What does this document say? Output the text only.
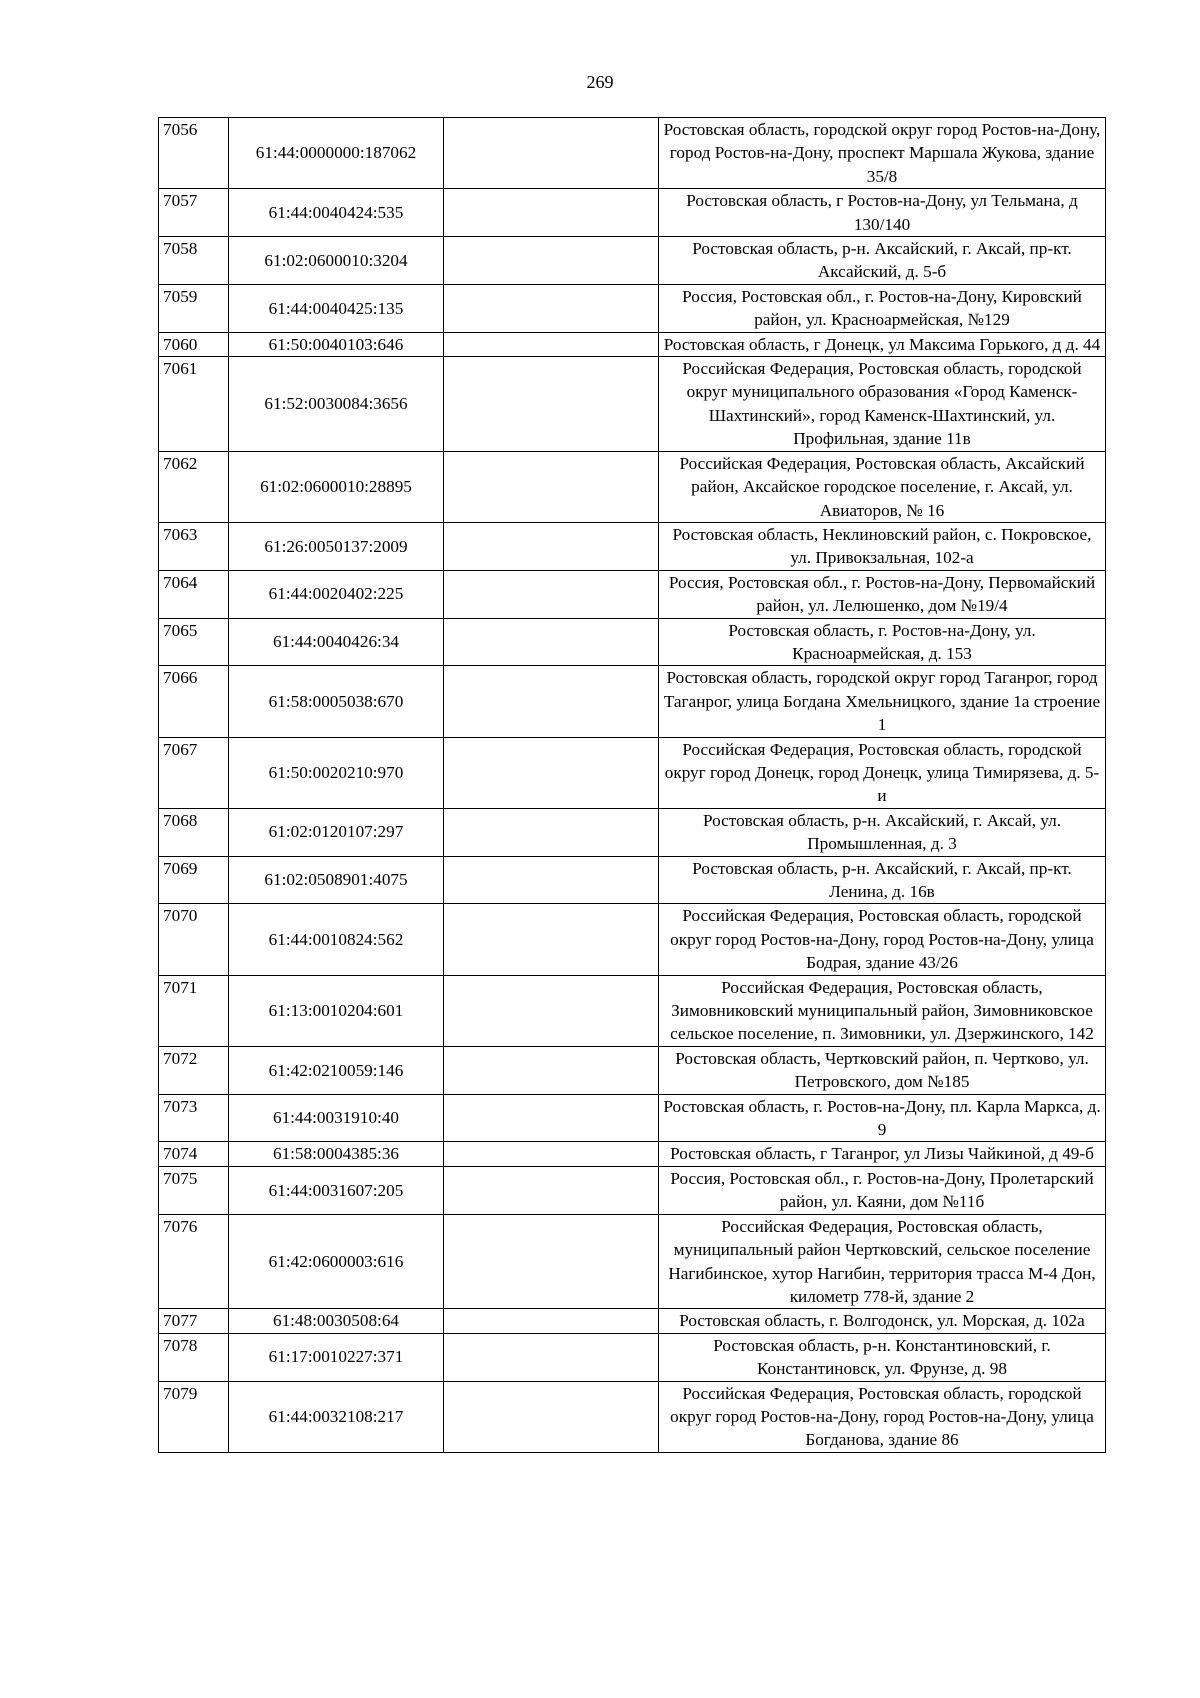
269
7056	61:44:0000000:187062		Ростовская область, городской округ город Ростов-на-Дону, город Ростов-на-Дону, проспект Маршала Жукова, здание 35/8
7057	61:44:0040424:535		Ростовская область, г Ростов-на-Дону, ул Тельмана, д 130/140
7058	61:02:0600010:3204		Ростовская область, р-н. Аксайский, г. Аксай, пр-кт. Аксайский, д. 5-б
7059	61:44:0040425:135		Россия, Ростовская обл., г. Ростов-на-Дону, Кировский район, ул. Красноармейская, №129
7060	61:50:0040103:646		Ростовская область, г Донецк, ул Максима Горького, д д. 44
7061	61:52:0030084:3656		Российская Федерация, Ростовская область, городской округ муниципального образования «Город Каменск-Шахтинский», город Каменск-Шахтинский, ул. Профильная, здание 11в
7062	61:02:0600010:28895		Российская Федерация, Ростовская область, Аксайский район, Аксайское городское поселение, г. Аксай, ул. Авиаторов, № 16
7063	61:26:0050137:2009		Ростовская область, Неклиновский район, с. Покровское, ул. Привокзальная, 102-а
7064	61:44:0020402:225		Россия, Ростовская обл., г. Ростов-на-Дону, Первомайский район, ул. Лелюшенко, дом №19/4
7065	61:44:0040426:34		Ростовская область, г. Ростов-на-Дону, ул. Красноармейская, д. 153
7066	61:58:0005038:670		Ростовская область, городской округ город Таганрог, город Таганрог, улица Богдана Хмельницкого, здание 1а строение 1
7067	61:50:0020210:970		Российская Федерация, Ростовская область, городской округ город Донецк, город Донецк, улица Тимирязева, д. 5-и
7068	61:02:0120107:297		Ростовская область, р-н. Аксайский, г. Аксай, ул. Промышленная, д. 3
7069	61:02:0508901:4075		Ростовская область, р-н. Аксайский, г. Аксай, пр-кт. Ленина, д. 16в
7070	61:44:0010824:562		Российская Федерация, Ростовская область, городской округ город Ростов-на-Дону, город Ростов-на-Дону, улица Бодрая, здание 43/26
7071	61:13:0010204:601		Российская Федерация, Ростовская область, Зимовниковский муниципальный район, Зимовниковское сельское поселение, п. Зимовники, ул. Дзержинского, 142
7072	61:42:0210059:146		Ростовская область, Чертковский район, п. Чертково, ул. Петровского, дом №185
7073	61:44:0031910:40		Ростовская область, г. Ростов-на-Дону, пл. Карла Маркса, д. 9
7074	61:58:0004385:36		Ростовская область, г Таганрог, ул Лизы Чайкиной, д 49-б
7075	61:44:0031607:205		Россия, Ростовская обл., г. Ростов-на-Дону, Пролетарский район, ул. Каяни, дом №11б
7076	61:42:0600003:616		Российская Федерация, Ростовская область, муниципальный район Чертковский, сельское поселение Нагибинское, хутор Нагибин, территория трасса М-4 Дон, километр 778-й, здание 2
7077	61:48:0030508:64		Ростовская область, г. Волгодонск, ул. Морская, д. 102а
7078	61:17:0010227:371		Ростовская область, р-н. Константиновский, г. Константиновск, ул. Фрунзе, д. 98
7079	61:44:0032108:217		Российская Федерация, Ростовская область, городской округ город Ростов-на-Дону, город Ростов-на-Дону, улица Богданова, здание 86
